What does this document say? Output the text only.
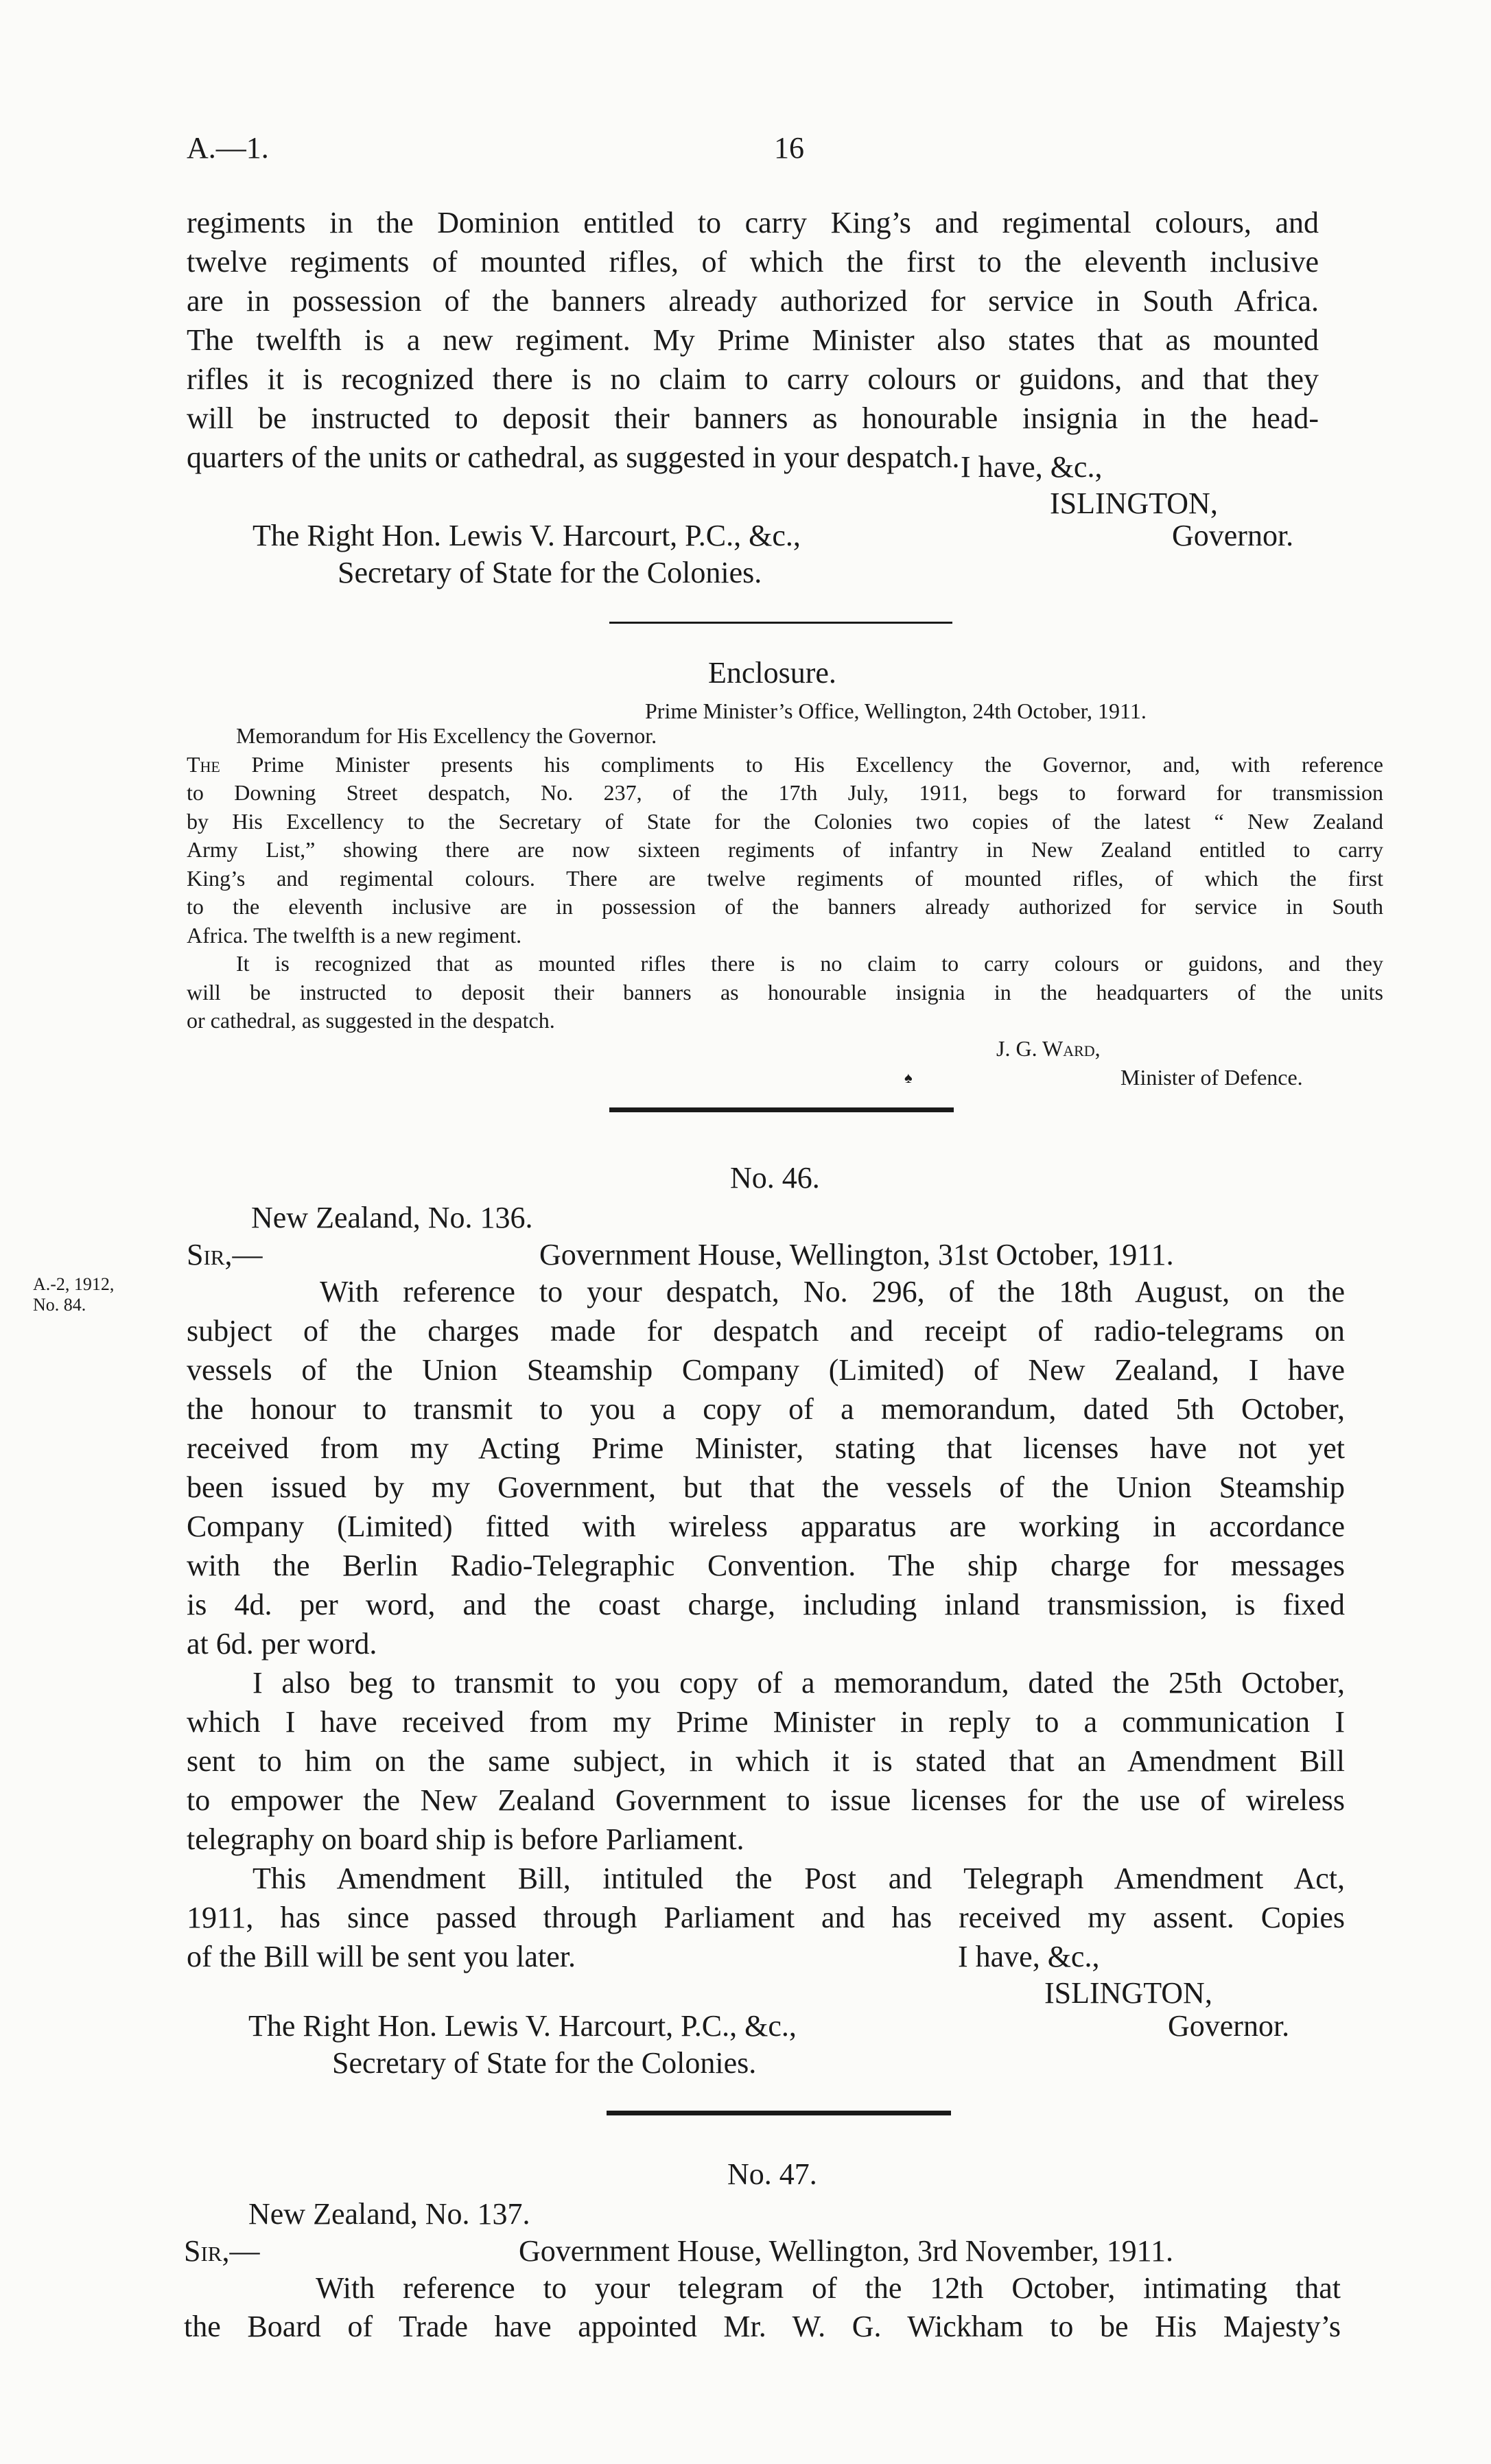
A.—1.	16
regiments in the Dominion entitled to carry King’s and regimental colours, and
twelve regiments of mounted rifles, of which the first to the eleventh inclusive
are in possession of the banners already authorized for service in South Africa.
The twelfth is a new regiment. My Prime Minister also states that as mounted
rifles it is recognized there is no claim to carry colours or guidons, and that they
will be instructed to deposit their banners as honourable insignia in the head-
quarters of the units or cathedral, as suggested in your despatch. I have, &c.,
ISLINGTON,
The Right Hon. Lewis V. Harcourt, P.C., &c.,	Governor.
Secretary of State for the Colonies.
Enclosure.
Prime Minister’s Office, Wellington, 24th October, 1911.
Memorandum for His Excellency the Governor.
The Prime Minister presents his compliments to His Excellency the Governor, and, with reference
to Downing Street despatch, No. 237, of the 17th July, 1911, begs to forward for transmission
by His Excellency to the Secretary of State for the Colonies two copies of the latest “ New Zealand
Army List,” showing there are now sixteen regiments of infantry in New Zealand entitled to carry
King’s and regimental colours. There are twelve regiments of mounted rifles, of which the first
to the eleventh inclusive are in possession of the banners already authorized for service in South
Africa. The twelfth is a new regiment.
It is recognized that as mounted rifles there is no claim to carry colours or guidons, and they
will be instructed to deposit their banners as honourable insignia in the headquarters of the units
or cathedral, as suggested in the despatch.
J. G. Ward,
Minister of Defence.
♠
No. 46.
New Zealand, No. 136.
Sir,—	Government House, Wellington, 31st October, 1911.
A.-2, 1912,
No. 84.	With reference to your despatch, No. 296, of the 18th August, on the
subject of the charges made for despatch and receipt of radio-telegrams on
vessels of the Union Steamship Company (Limited) of New Zealand, I have
the honour to transmit to you a copy of a memorandum, dated 5th October,
received from my Acting Prime Minister, stating that licenses have not yet
been issued by my Government, but that the vessels of the Union Steamship
Company (Limited) fitted with wireless apparatus are working in accordance
with the Berlin Radio-Telegraphic Convention. The ship charge for messages
is 4d. per word, and the coast charge, including inland transmission, is fixed
at 6d. per word.
I also beg to transmit to you copy of a memorandum, dated the 25th October,
which I have received from my Prime Minister in reply to a communication I
sent to him on the same subject, in which it is stated that an Amendment Bill
to empower the New Zealand Government to issue licenses for the use of wireless
telegraphy on board ship is before Parliament.
This Amendment Bill, intituled the Post and Telegraph Amendment Act,
1911, has since passed through Parliament and has received my assent. Copies
of the Bill will be sent you later.	I have, &c.,
ISLINGTON,
The Right Hon. Lewis V. Harcourt, P.C., &c.,	Governor.
Secretary of State for the Colonies.
No. 47.
New Zealand, No. 137.
Sir,—	Government House, Wellington, 3rd November, 1911.
With reference to your telegram of the 12th October, intimating that
the Board of Trade have appointed Mr. W. G. Wickham to be His Majesty’s
